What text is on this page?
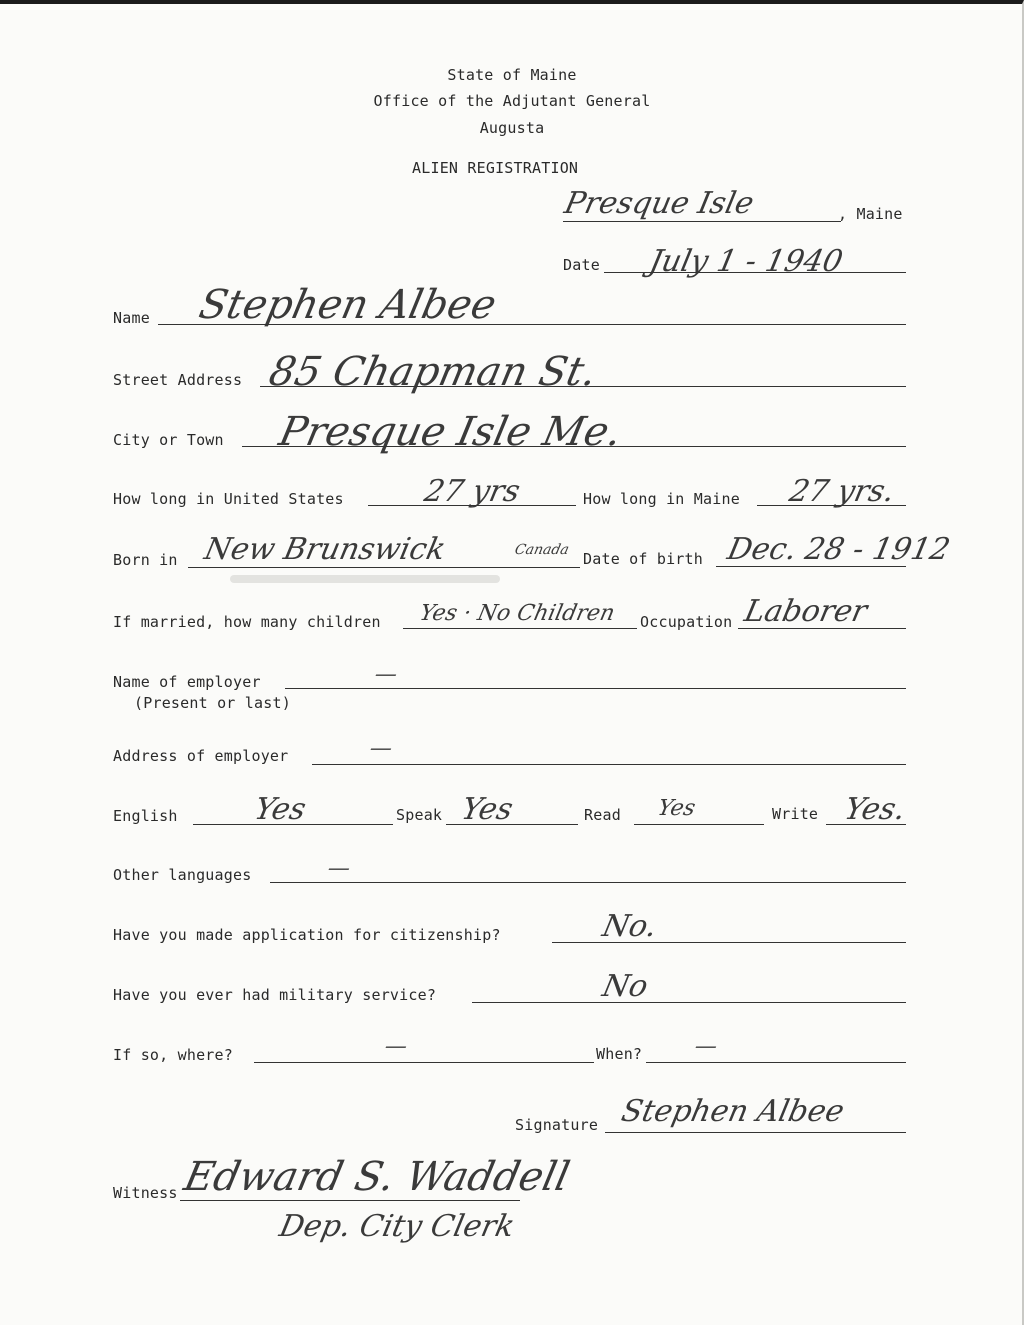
State of Maine
Office of the Adjutant General
Augusta
ALIEN REGISTRATION
Presque Isle	, Maine
Date July 1 - 1940
Name Stephen Albee
Street Address 85 Chapman St.
City or Town Presque Isle Me.
How long in United States	27 yrs	How long in Maine 27 yrs.
Born in New Brunswick	Canada Date of birth Dec. 28 - 1912
If married, how many children Yes · No Children Occupation Laborer
Name of employer
(Present or last)
—
Address of employer	—
English Yes	Speak Yes	Read Yes	Write Yes.
Other languages	—
Have you made application for citizenship?	No.
Have you ever had military service?	No
If so, where?	—	When? —
Signature Stephen Albee
Witness Edward S. Waddell
Dep. City Clerk
